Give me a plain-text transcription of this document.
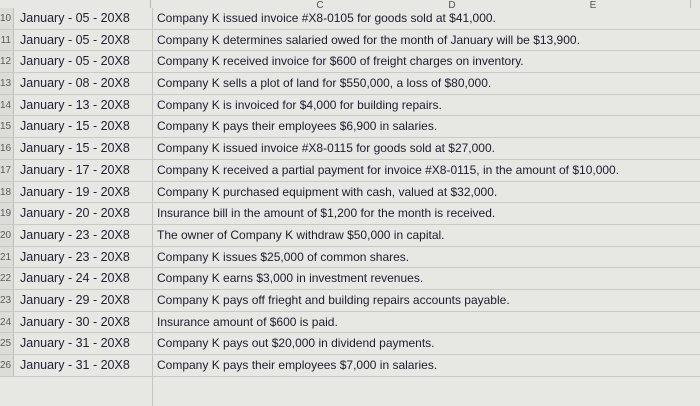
C	D	E
10 January - 05 - 20X8 Company K issued invoice #X8-0105 for goods sold at $41,000.
11 January - 05 - 20X8 Company K determines salaried owed for the month of January will be $13,900.
12 January - 05 - 20X8 Company K received invoice for $600 of freight charges on inventory.
13 January - 08 - 20X8 Company K sells a plot of land for $550,000, a loss of $80,000.
14 January - 13 - 20X8 Company K is invoiced for $4,000 for building repairs.
15 January - 15 - 20X8 Company K pays their employees $6,900 in salaries.
16 January - 15 - 20X8 Company K issued invoice #X8-0115 for goods sold at $27,000.
17 January - 17 - 20X8 Company K received a partial payment for invoice #X8-0115, in the amount of $10,000.
18 January - 19 - 20X8 Company K purchased equipment with cash, valued at $32,000.
19 January - 20 - 20X8 Insurance bill in the amount of $1,200 for the month is received.
20 January - 23 - 20X8 The owner of Company K withdraw $50,000 in capital.
21 January - 23 - 20X8 Company K issues $25,000 of common shares.
22 January - 24 - 20X8 Company K earns $3,000 in investment revenues.
23 January - 29 - 20X8 Company K pays off frieght and building repairs accounts payable.
24 January - 30 - 20X8 Insurance amount of $600 is paid.
25 January - 31 - 20X8 Company K pays out $20,000 in dividend payments.
26 January - 31 - 20X8 Company K pays their employees $7,000 in salaries.
